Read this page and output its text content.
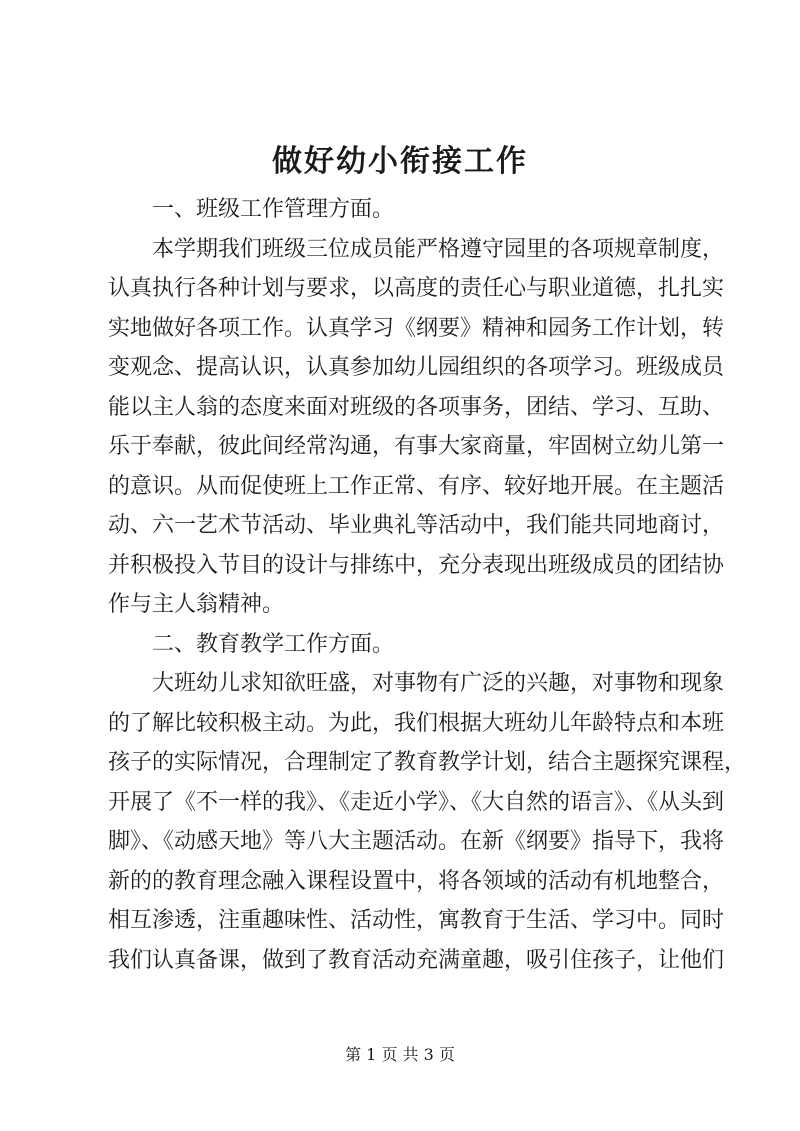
做好幼小衔接工作
一、班级工作管理方面。
本学期我们班级三位成员能严格遵守园里的各项规章制度，
认真执行各种计划与要求，以高度的责任心与职业道德，扎扎实
实地做好各项工作。认真学习《纲要》精神和园务工作计划，转
变观念、提高认识，认真参加幼儿园组织的各项学习。班级成员
能以主人翁的态度来面对班级的各项事务，团结、学习、互助、
乐于奉献，彼此间经常沟通，有事大家商量，牢固树立幼儿第一
的意识。从而促使班上工作正常、有序、较好地开展。在主题活
动、六一艺术节活动、毕业典礼等活动中，我们能共同地商讨，
并积极投入节目的设计与排练中，充分表现出班级成员的团结协
作与主人翁精神。
二、教育教学工作方面。
大班幼儿求知欲旺盛，对事物有广泛的兴趣，对事物和现象
的了解比较积极主动。为此，我们根据大班幼儿年龄特点和本班
孩子的实际情况，合理制定了教育教学计划，结合主题探究课程，
开展了《不一样的我》、《走近小学》、《大自然的语言》、《从头到
脚》、《动感天地》等八大主题活动。在新《纲要》指导下，我将
新的的教育理念融入课程设置中，将各领域的活动有机地整合，
相互渗透，注重趣味性、活动性，寓教育于生活、学习中。同时
我们认真备课，做到了教育活动充满童趣，吸引住孩子，让他们
第 1 页 共 3 页
